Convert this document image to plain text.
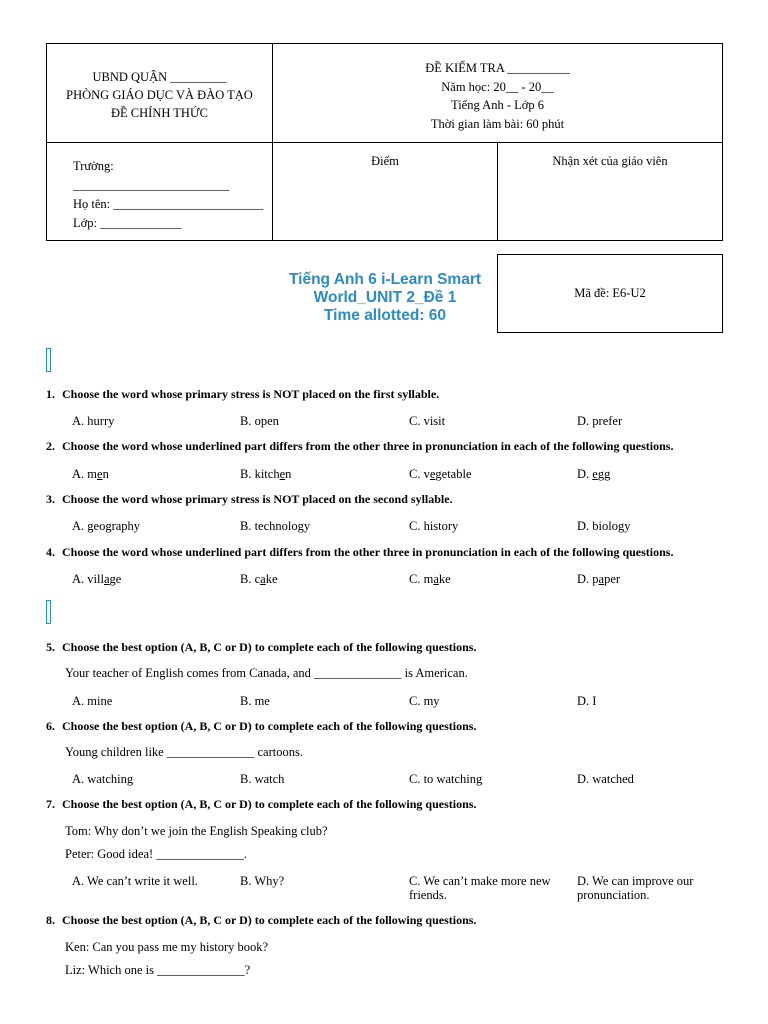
UBND QUẬN _________
PHÒNG GIÁO DỤC VÀ ĐÀO TẠO
ĐỀ CHÍNH THỨC
ĐỀ KIỂM TRA __________
Năm học: 20__ - 20__
Tiếng Anh - Lớp 6
Thời gian làm bài: 60 phút
Trường:
_________________________
Họ tên: ________________________
Lớp: _____________
Điểm	Nhận xét của giáo viên
Tiếng Anh 6 i-Learn Smart
World_UNIT 2_Đề 1
Time allotted: 60
Mã đề: E6-U2
1. Choose the word whose primary stress is NOT placed on the first syllable.
A. hurry	B. open	C. visit	D. prefer
2. Choose the word whose underlined part differs from the other three in pronunciation in each of the following questions.
A. men	B. kitchen	C. vegetable	D. egg
3. Choose the word whose primary stress is NOT placed on the second syllable.
A. geography	B. technology	C. history	D. biology
4. Choose the word whose underlined part differs from the other three in pronunciation in each of the following questions.
A. village	B. cake	C. make	D. paper
5. Choose the best option (A, B, C or D) to complete each of the following questions.
Your teacher of English comes from Canada, and ______________ is American.
A. mine	B. me	C. my	D. I
6. Choose the best option (A, B, C or D) to complete each of the following questions.
Young children like ______________ cartoons.
A. watching	B. watch	C. to watching	D. watched
7. Choose the best option (A, B, C or D) to complete each of the following questions.
Tom: Why don’t we join the English Speaking club?
Peter: Good idea! ______________.
A. We can’t write it well.	B. Why?	C. We can’t make more new friends.
D. We can improve our pronunciation.
8. Choose the best option (A, B, C or D) to complete each of the following questions.
Ken: Can you pass me my history book?
Liz: Which one is ______________?
